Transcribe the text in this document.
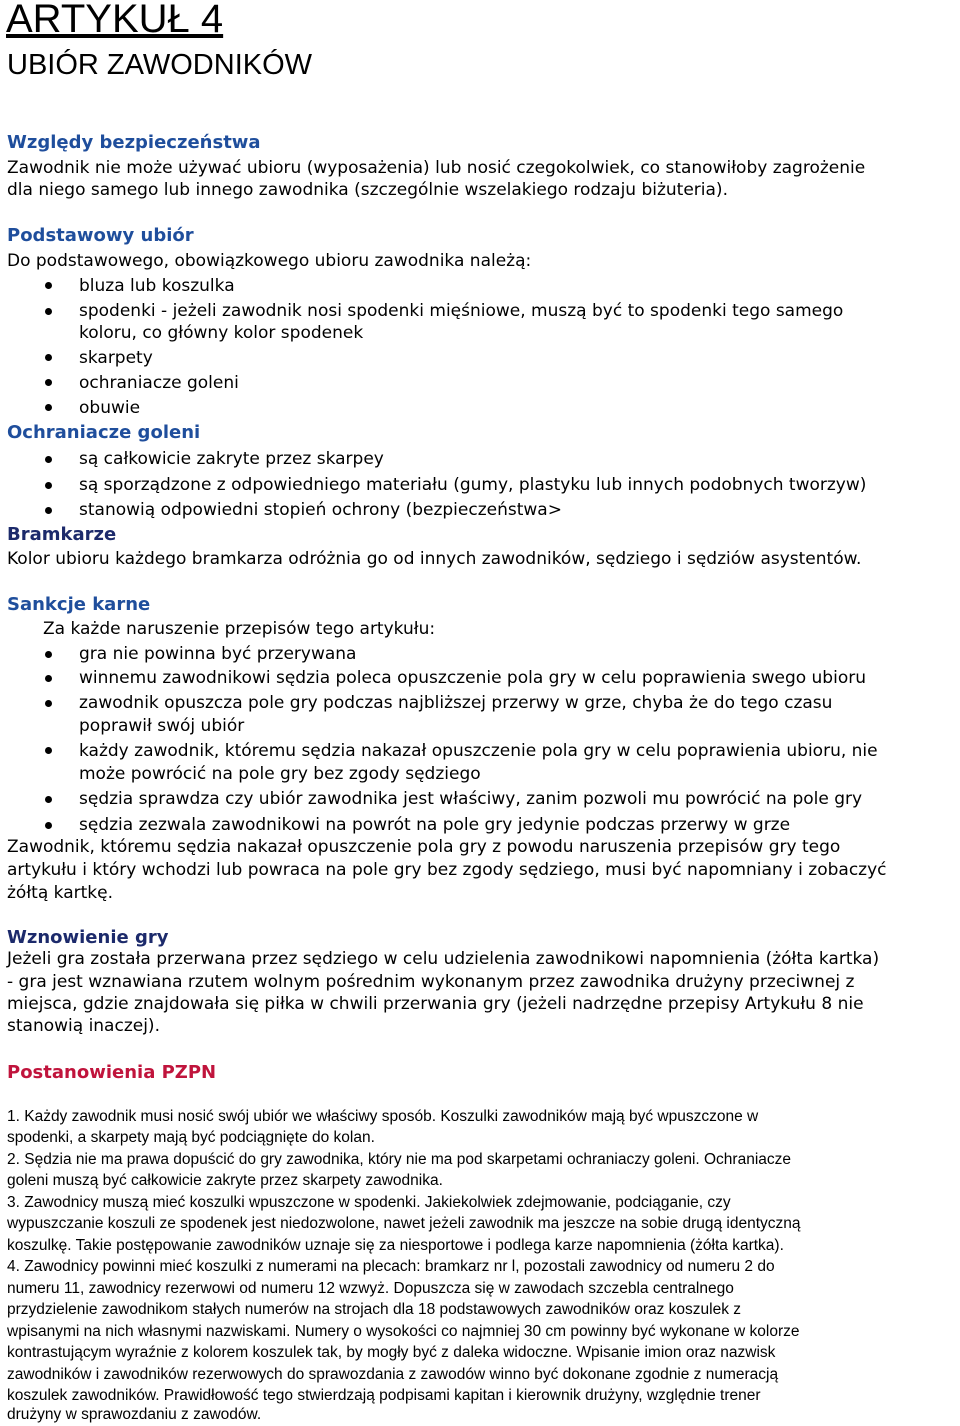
ARTYKUŁ 4
UBIÓR ZAWODNIKÓW
Względy bezpieczeństwa
Zawodnik nie może używać ubioru (wyposażenia) lub nosić czegokolwiek, co stanowiłoby zagrożenie
dla niego samego lub innego zawodnika (szczególnie wszelakiego rodzaju biżuteria).
Podstawowy ubiór
Do podstawowego, obowiązkowego ubioru zawodnika należą:
bluza lub koszulka
spodenki - jeżeli zawodnik nosi spodenki mięśniowe, muszą być to spodenki tego samego
koloru, co główny kolor spodenek
skarpety
ochraniacze goleni
obuwie
Ochraniacze goleni
są całkowicie zakryte przez skarpey
są sporządzone z odpowiedniego materiału (gumy, plastyku lub innych podobnych tworzyw)
stanowią odpowiedni stopień ochrony (bezpieczeństwa>
Bramkarze
Kolor ubioru każdego bramkarza odróżnia go od innych zawodników, sędziego i sędziów asystentów.
Sankcje karne
Za każde naruszenie przepisów tego artykułu:
gra nie powinna być przerywana
winnemu zawodnikowi sędzia poleca opuszczenie pola gry w celu poprawienia swego ubioru
zawodnik opuszcza pole gry podczas najbliższej przerwy w grze, chyba że do tego czasu
poprawił swój ubiór
każdy zawodnik, któremu sędzia nakazał opuszczenie pola gry w celu poprawienia ubioru, nie
może powrócić na pole gry bez zgody sędziego
sędzia sprawdza czy ubiór zawodnika jest właściwy, zanim pozwoli mu powrócić na pole gry
sędzia zezwala zawodnikowi na powrót na pole gry jedynie podczas przerwy w grze
Zawodnik, któremu sędzia nakazał opuszczenie pola gry z powodu naruszenia przepisów gry tego
artykułu i który wchodzi lub powraca na pole gry bez zgody sędziego, musi być napomniany i zobaczyć
żółtą kartkę.
Wznowienie gry
Jeżeli gra została przerwana przez sędziego w celu udzielenia zawodnikowi napomnienia (żółta kartka)
- gra jest wznawiana rzutem wolnym pośrednim wykonanym przez zawodnika drużyny przeciwnej z
miejsca, gdzie znajdowała się piłka w chwili przerwania gry (jeżeli nadrzędne przepisy Artykułu 8 nie
stanowią inaczej).
Postanowienia PZPN
1. Każdy zawodnik musi nosić swój ubiór we właściwy sposób. Koszulki zawodników mają być wpuszczone w
spodenki, a skarpety mają być podciągnięte do kolan.
2. Sędzia nie ma prawa dopuścić do gry zawodnika, który nie ma pod skarpetami ochraniaczy goleni. Ochraniacze
goleni muszą być całkowicie zakryte przez skarpety zawodnika.
3. Zawodnicy muszą mieć koszulki wpuszczone w spodenki. Jakiekolwiek zdejmowanie, podciąganie, czy
wypuszczanie koszuli ze spodenek jest niedozwolone, nawet jeżeli zawodnik ma jeszcze na sobie drugą identyczną
koszulkę. Takie postępowanie zawodników uznaje się za niesportowe i podlega karze napomnienia (żółta kartka).
4. Zawodnicy powinni mieć koszulki z numerami na plecach: bramkarz nr l, pozostali zawodnicy od numeru 2 do
numeru 11, zawodnicy rezerwowi od numeru 12 wzwyż. Dopuszcza się w zawodach szczebla centralnego
przydzielenie zawodnikom stałych numerów na strojach dla 18 podstawowych zawodników oraz koszulek z
wpisanymi na nich własnymi nazwiskami. Numery o wysokości co najmniej 30 cm powinny być wykonane w kolorze
kontrastującym wyraźnie z kolorem koszulek tak, by mogły być z daleka widoczne. Wpisanie imion oraz nazwisk
zawodników i zawodników rezerwowych do sprawozdania z zawodów winno być dokonane zgodnie z numeracją
koszulek zawodników. Prawidłowość tego stwierdzają podpisami kapitan i kierownik drużyny, względnie trener
drużyny w sprawozdaniu z zawodów.
